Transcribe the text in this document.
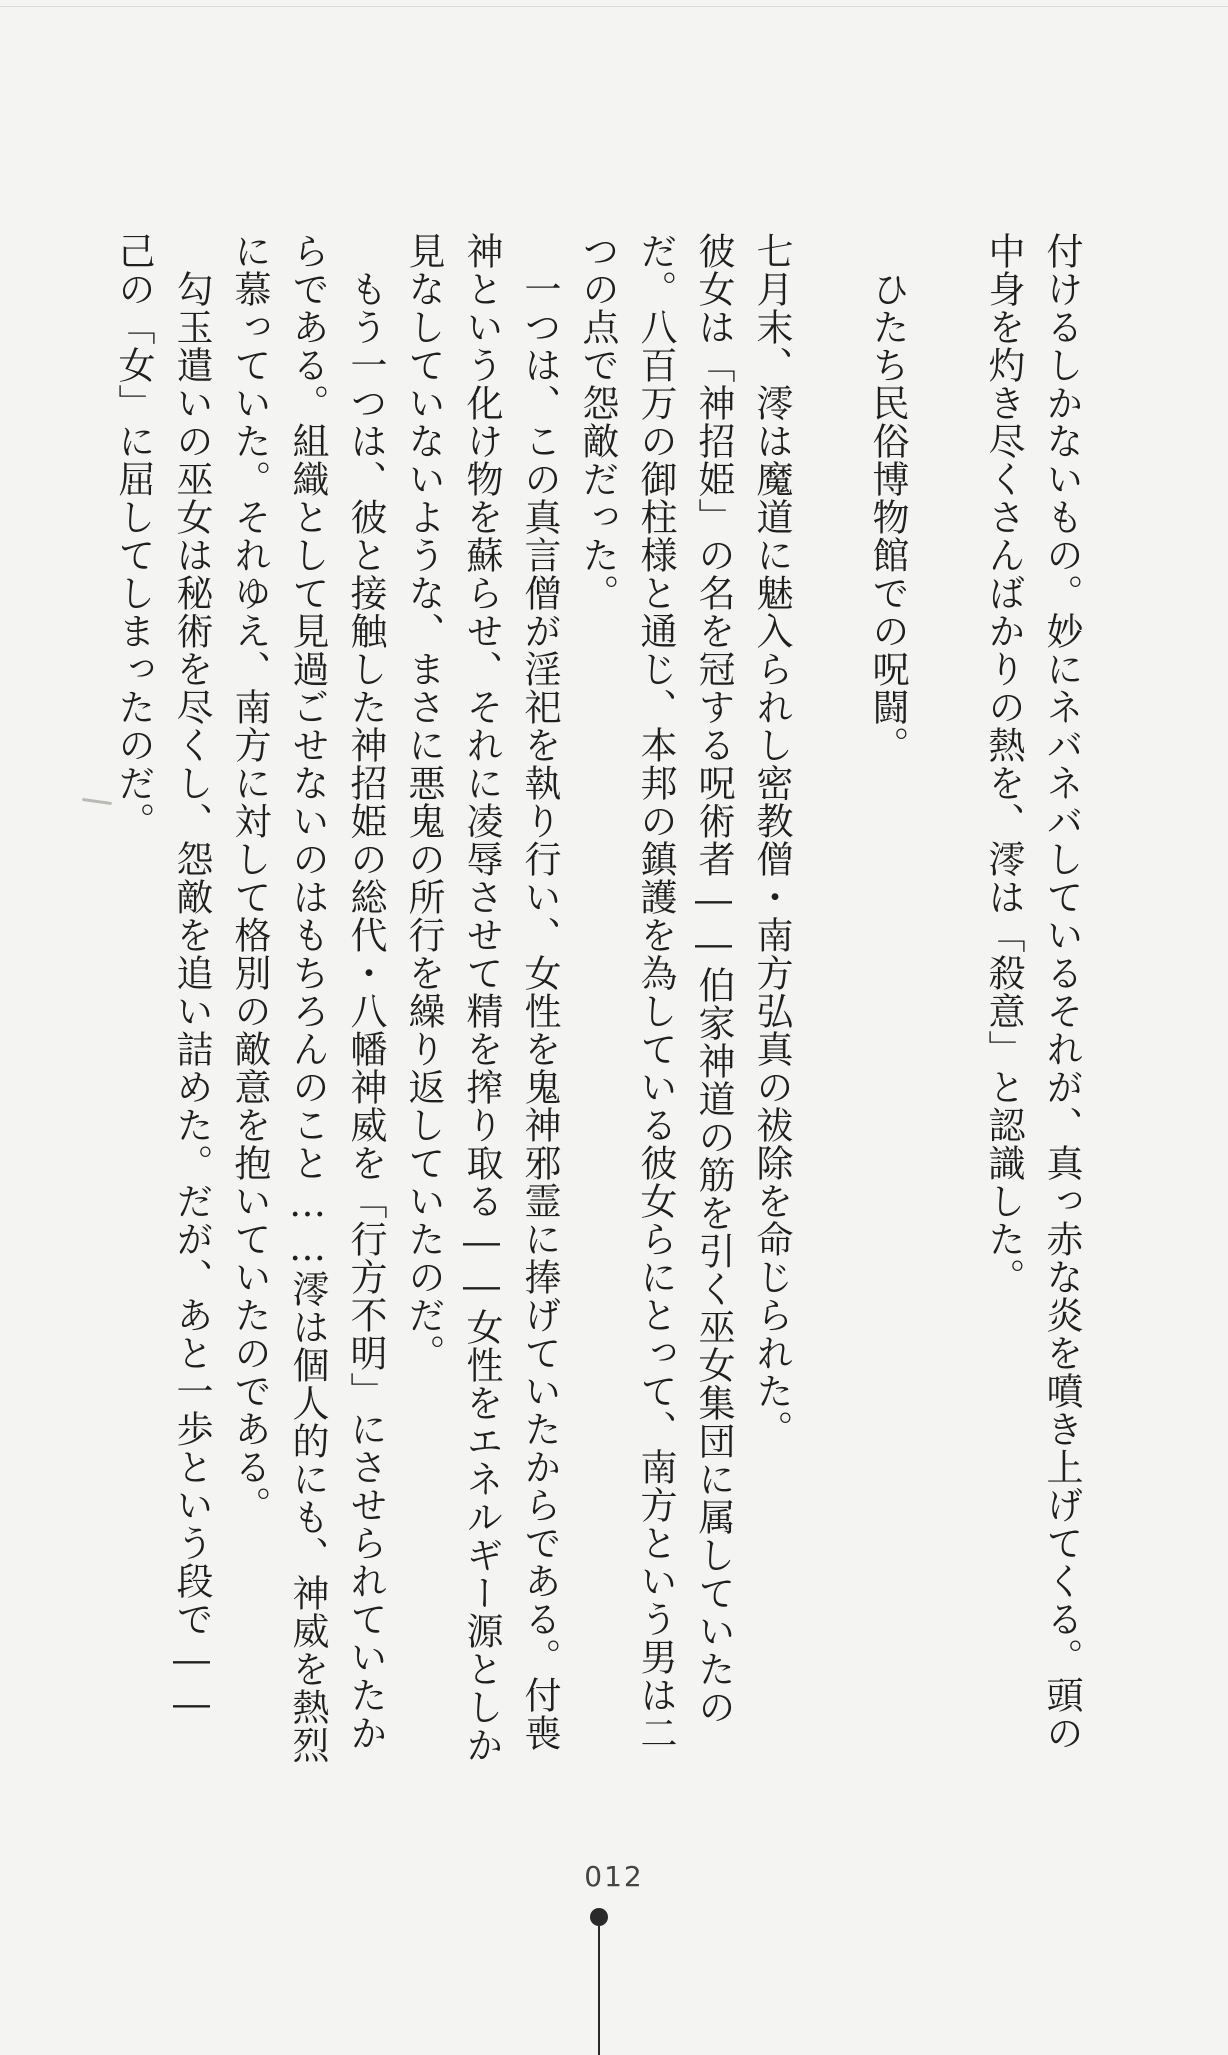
付けるしかないもの。妙にネバネバしているそれが、真っ赤な炎を噴き上げてくる。頭の

中身を灼き尽くさんばかりの熱を、澪は「殺意」と認識した。

ひたち民俗博物館での呪闘。

七月末、澪は魔道に魅入られし密教僧・南方弘真の祓除を命じられた。

彼女は「神招姫」の名を冠する呪術者――伯家神道の筋を引く巫女集団に属していたの

だ。八百万の御柱様と通じ、本邦の鎮護を為している彼女らにとって、南方という男は二

つの点で怨敵だった。

一つは、この真言僧が淫祀を執り行い、女性を鬼神邪霊に捧げていたからである。付喪

神という化け物を蘇らせ、それに凌辱させて精を搾り取る――女性をエネルギー源としか

見なしていないような、まさに悪鬼の所行を繰り返していたのだ。

もう一つは、彼と接触した神招姫の総代・八幡神威を「行方不明」にさせられていたか

らである。組織として見過ごせないのはもちろんのこと……澪は個人的にも、神威を熱烈

に慕っていた。それゆえ、南方に対して格別の敵意を抱いていたのである。

勾玉遣いの巫女は秘術を尽くし、怨敵を追い詰めた。だが、あと一歩という段で――

己の「女」に屈してしまったのだ。

012
